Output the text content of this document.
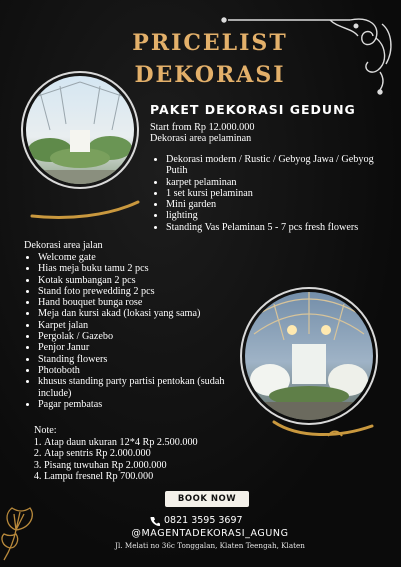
PRICELIST
DEKORASI
PAKET DEKORASI GEDUNG
Start from Rp 12.000.000
Dekorasi area pelaminan
• Dekorasi modern / Rustic / Gebyog Jawa / Gebyog Putih
• karpet pelaminan
• 1 set kursi pelaminan
• Mini garden
• lighting
• Standing Vas Pelaminan 5 - 7 pcs fresh flowers
Dekorasi area jalan
• Welcome gate
• Hias meja buku tamu 2 pcs
• Kotak sumbangan 2 pcs
• Stand foto prewedding 2 pcs
• Hand bouquet bunga rose
• Meja dan kursi akad (lokasi yang sama)
• Karpet jalan
• Pergolak / Gazebo
• Penjor Janur
• Standing flowers
• Photoboth
• khusus standing party partisi pentokan (sudah include)
• Pagar pembatas
Note:
1. Atap daun ukuran 12*4 Rp 2.500.000
2. Atap sentris Rp 2.000.000
3. Pisang tuwuhan Rp 2.000.000
4. Lampu fresnel Rp 700.000
BOOK NOW
0821 3595 3697
@MAGENTADEKORASI_AGUNG
Jl. Melati no 36c Tonggalan, Klaten Teengah, Klaten
